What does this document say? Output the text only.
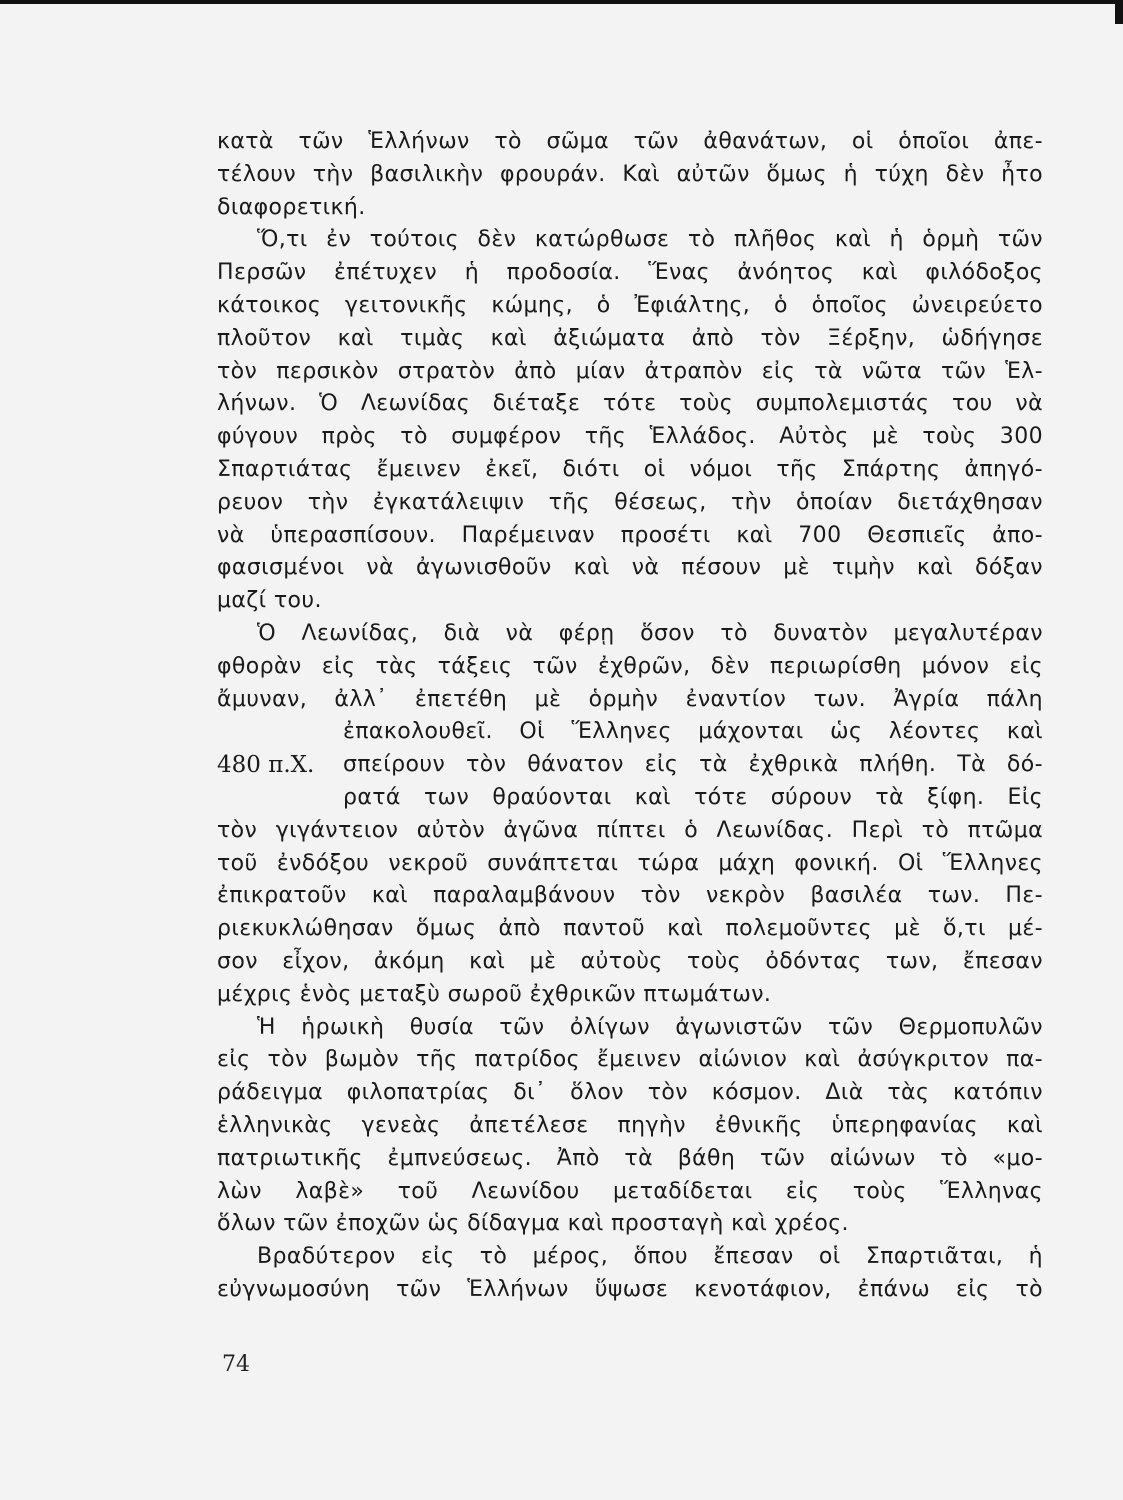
κατὰ τῶν Ἑλλήνων τὸ σῶμα τῶν ἀθανάτων, οἱ ὁποῖοι ἀπε-
τέλουν τὴν βασιλικὴν φρουράν. Καὶ αὐτῶν ὅμως ἡ τύχη δὲν ἦτο
διαφορετική.
Ὅ,τι ἐν τούτοις δὲν κατώρθωσε τὸ πλῆθος καὶ ἡ ὁρμὴ τῶν
Περσῶν ἐπέτυχεν ἡ προδοσία. Ἕνας ἀνόητος καὶ φιλόδοξος
κάτοικος γειτονικῆς κώμης, ὁ Ἐφιάλτης, ὁ ὁποῖος ὠνειρεύετο
πλοῦτον καὶ τιμὰς καὶ ἀξιώματα ἀπὸ τὸν Ξέρξην, ὡδήγησε
τὸν περσικὸν στρατὸν ἀπὸ μίαν ἀτραπὸν εἰς τὰ νῶτα τῶν Ἑλ-
λήνων. Ὁ Λεωνίδας διέταξε τότε τοὺς συμπολεμιστάς του νὰ
φύγουν πρὸς τὸ συμφέρον τῆς Ἑλλάδος. Αὐτὸς μὲ τοὺς 300
Σπαρτιάτας ἔμεινεν ἐκεῖ, διότι οἱ νόμοι τῆς Σπάρτης ἀπηγό-
ρευον τὴν ἐγκατάλειψιν τῆς θέσεως, τὴν ὁποίαν διετάχθησαν
νὰ ὑπερασπίσουν. Παρέμειναν προσέτι καὶ 700 Θεσπιεῖς ἀπο-
φασισμένοι νὰ ἀγωνισθοῦν καὶ νὰ πέσουν μὲ τιμὴν καὶ δόξαν
μαζί του.
Ὁ Λεωνίδας, διὰ νὰ φέρῃ ὅσον τὸ δυνατὸν μεγαλυτέραν
φθορὰν εἰς τὰς τάξεις τῶν ἐχθρῶν, δὲν περιωρίσθη μόνον εἰς
ἄμυναν, ἀλλ᾽ ἐπετέθη μὲ ὁρμὴν ἐναντίον των. Ἀγρία πάλη
ἐπακολουθεῖ. Οἱ Ἕλληνες μάχονται ὡς λέοντες καὶ
480 π.Χ. σπείρουν τὸν θάνατον εἰς τὰ ἐχθρικὰ πλήθη. Τὰ δό-
ρατά των θραύονται καὶ τότε σύρουν τὰ ξίφη. Εἰς
τὸν γιγάντειον αὐτὸν ἀγῶνα πίπτει ὁ Λεωνίδας. Περὶ τὸ πτῶμα
τοῦ ἐνδόξου νεκροῦ συνάπτεται τώρα μάχη φονική. Οἱ Ἕλληνες
ἐπικρατοῦν καὶ παραλαμβάνουν τὸν νεκρὸν βασιλέα των. Πε-
ριεκυκλώθησαν ὅμως ἀπὸ παντοῦ καὶ πολεμοῦντες μὲ ὅ,τι μέ-
σον εἶχον, ἀκόμη καὶ μὲ αὐτοὺς τοὺς ὀδόντας των, ἔπεσαν
μέχρις ἑνὸς μεταξὺ σωροῦ ἐχθρικῶν πτωμάτων.
Ἡ ἡρωικὴ θυσία τῶν ὀλίγων ἀγωνιστῶν τῶν Θερμοπυλῶν
εἰς τὸν βωμὸν τῆς πατρίδος ἔμεινεν αἰώνιον καὶ ἀσύγκριτον πα-
ράδειγμα φιλοπατρίας δι᾽ ὅλον τὸν κόσμον. Διὰ τὰς κατόπιν
ἑλληνικὰς γενεὰς ἀπετέλεσε πηγὴν ἐθνικῆς ὑπερηφανίας καὶ
πατριωτικῆς ἐμπνεύσεως. Ἀπὸ τὰ βάθη τῶν αἰώνων τὸ «μο-
λὼν λαβὲ» τοῦ Λεωνίδου μεταδίδεται εἰς τοὺς Ἕλληνας
ὅλων τῶν ἐποχῶν ὡς δίδαγμα καὶ προσταγὴ καὶ χρέος.
Βραδύτερον εἰς τὸ μέρος, ὅπου ἔπεσαν οἱ Σπαρτιᾶται, ἡ
εὐγνωμοσύνη τῶν Ἑλλήνων ὕψωσε κενοτάφιον, ἐπάνω εἰς τὸ
74
